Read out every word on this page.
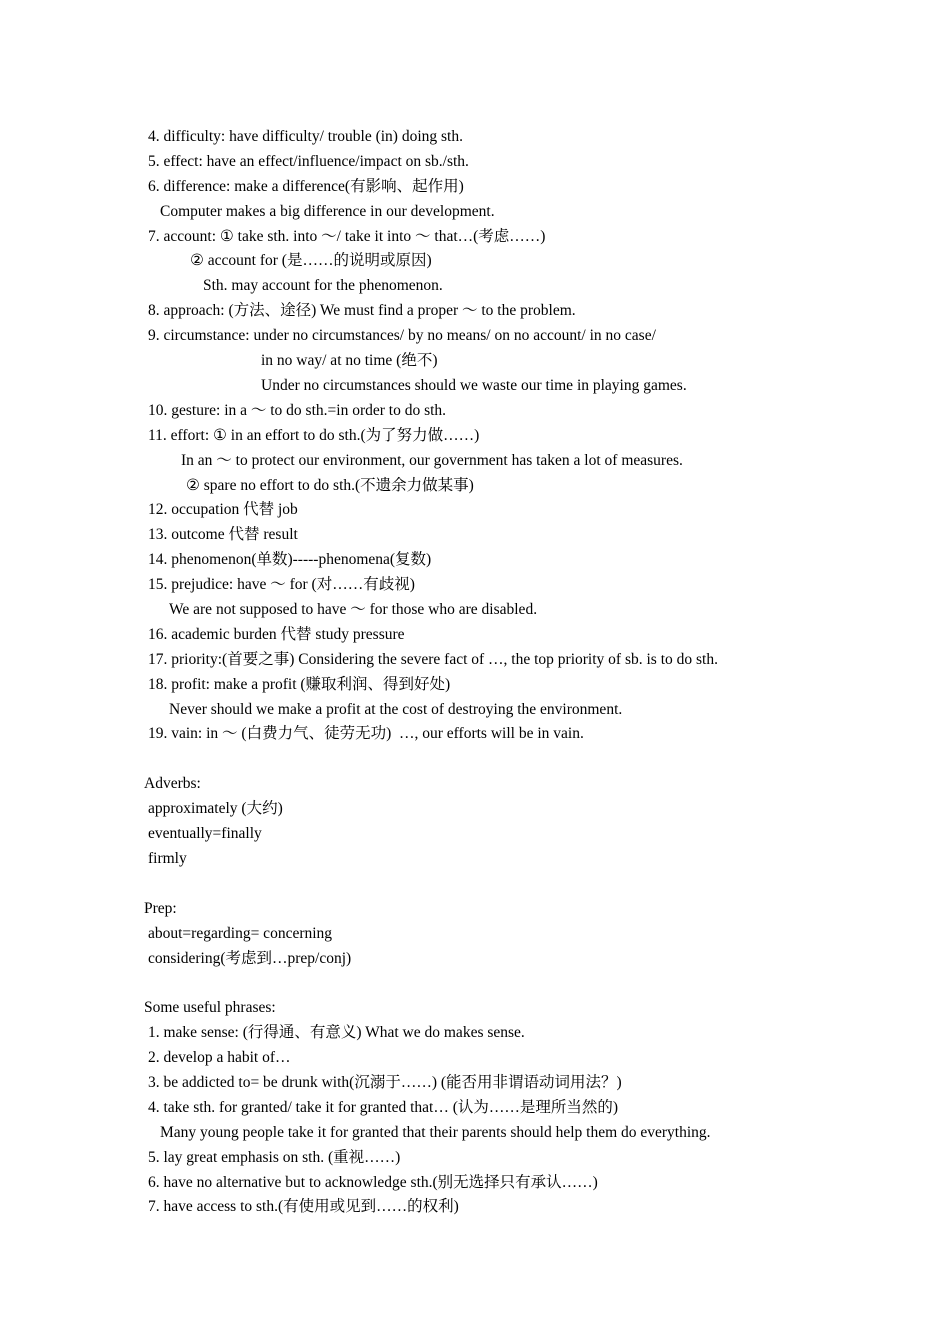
4. difficulty: have difficulty/ trouble (in) doing sth.
5. effect: have an effect/influence/impact on sb./sth.
6. difference: make a difference(有影响、起作用)
Computer makes a big difference in our development.
7. account: ① take sth. into ～/ take it into ～ that…(考虑……)
② account for (是……的说明或原因)
Sth. may account for the phenomenon.
8. approach: (方法、途径) We must find a proper ～ to the problem.
9. circumstance: under no circumstances/ by no means/ on no account/ in no case/
in no way/ at no time (绝不)
Under no circumstances should we waste our time in playing games.
10. gesture: in a ～ to do sth.=in order to do sth.
11. effort: ① in an effort to do sth.(为了努力做……)
In an ～ to protect our environment, our government has taken a lot of measures.
② spare no effort to do sth.(不遗余力做某事)
12. occupation 代替 job
13. outcome 代替 result
14. phenomenon(单数)-----phenomena(复数)
15. prejudice: have ～ for (对……有歧视)
We are not supposed to have ～ for those who are disabled.
16. academic burden 代替 study pressure
17. priority:(首要之事) Considering the severe fact of …, the top priority of sb. is to do sth.
18. profit: make a profit (赚取利润、得到好处)
Never should we make a profit at the cost of destroying the environment.
19. vain: in ～ (白费力气、徒劳无功)  …, our efforts will be in vain.
Adverbs:
approximately (大约)
eventually=finally
firmly
Prep:
about=regarding= concerning
considering(考虑到…prep/conj)
Some useful phrases:
1. make sense: (行得通、有意义) What we do makes sense.
2. develop a habit of…
3. be addicted to= be drunk with(沉溺于……) (能否用非谓语动词用法？)
4. take sth. for granted/ take it for granted that… (认为……是理所当然的)
Many young people take it for granted that their parents should help them do everything.
5. lay great emphasis on sth. (重视……)
6. have no alternative but to acknowledge sth.(别无选择只有承认……)
7. have access to sth.(有使用或见到……的权利)
